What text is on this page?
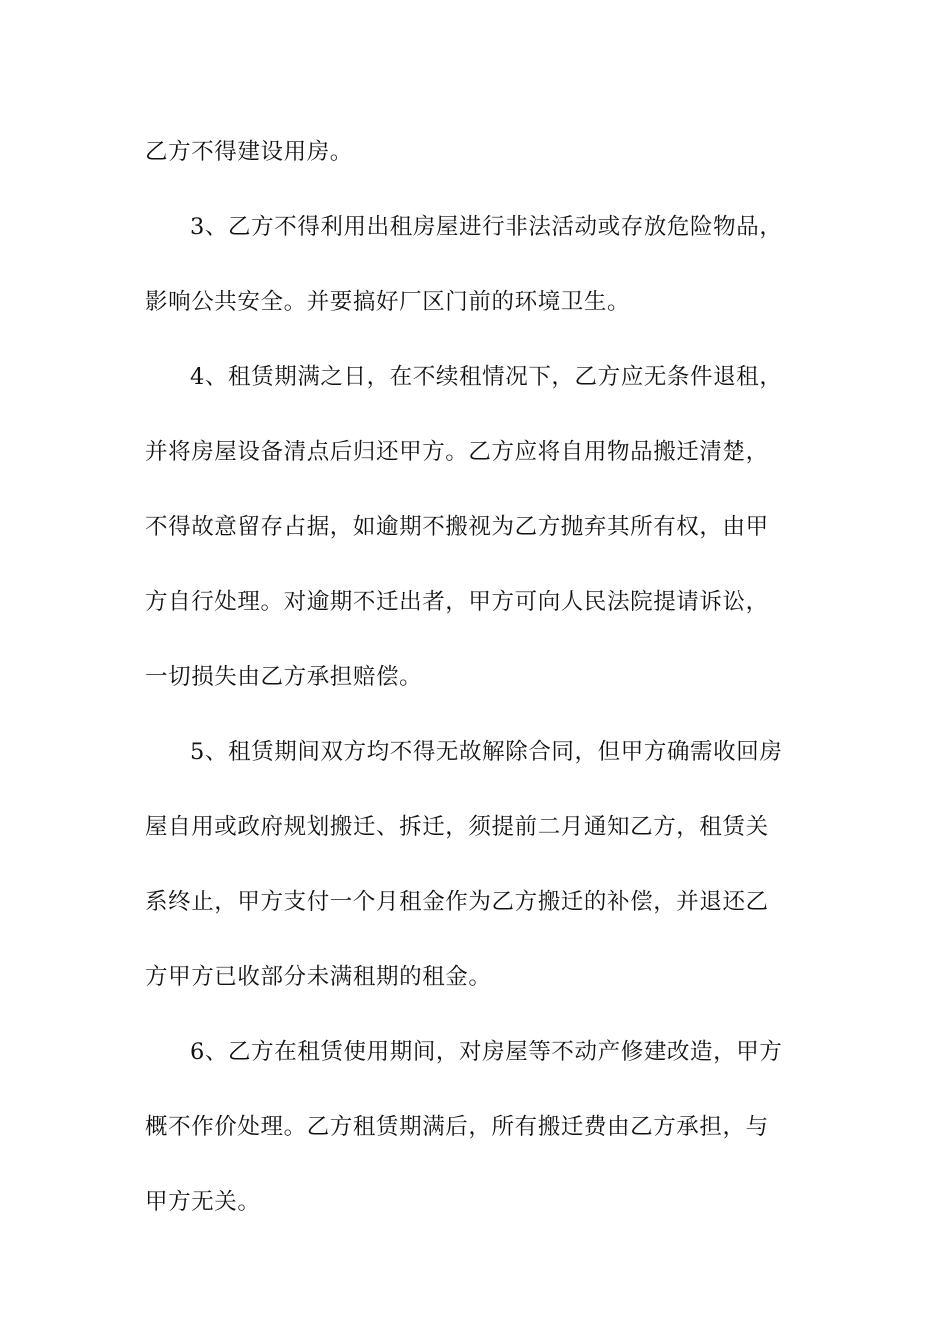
乙方不得建设用房。
3、乙方不得利用出租房屋进行非法活动或存放危险物品，
影响公共安全。并要搞好厂区门前的环境卫生。
4、租赁期满之日，在不续租情况下，乙方应无条件退租，
并将房屋设备清点后归还甲方。乙方应将自用物品搬迁清楚，
不得故意留存占据，如逾期不搬视为乙方抛弃其所有权，由甲
方自行处理。对逾期不迁出者，甲方可向人民法院提请诉讼，
一切损失由乙方承担赔偿。
5、租赁期间双方均不得无故解除合同，但甲方确需收回房
屋自用或政府规划搬迁、拆迁，须提前二月通知乙方，租赁关
系终止，甲方支付一个月租金作为乙方搬迁的补偿，并退还乙
方甲方已收部分未满租期的租金。
6、乙方在租赁使用期间，对房屋等不动产修建改造，甲方
概不作价处理。乙方租赁期满后，所有搬迁费由乙方承担，与
甲方无关。
